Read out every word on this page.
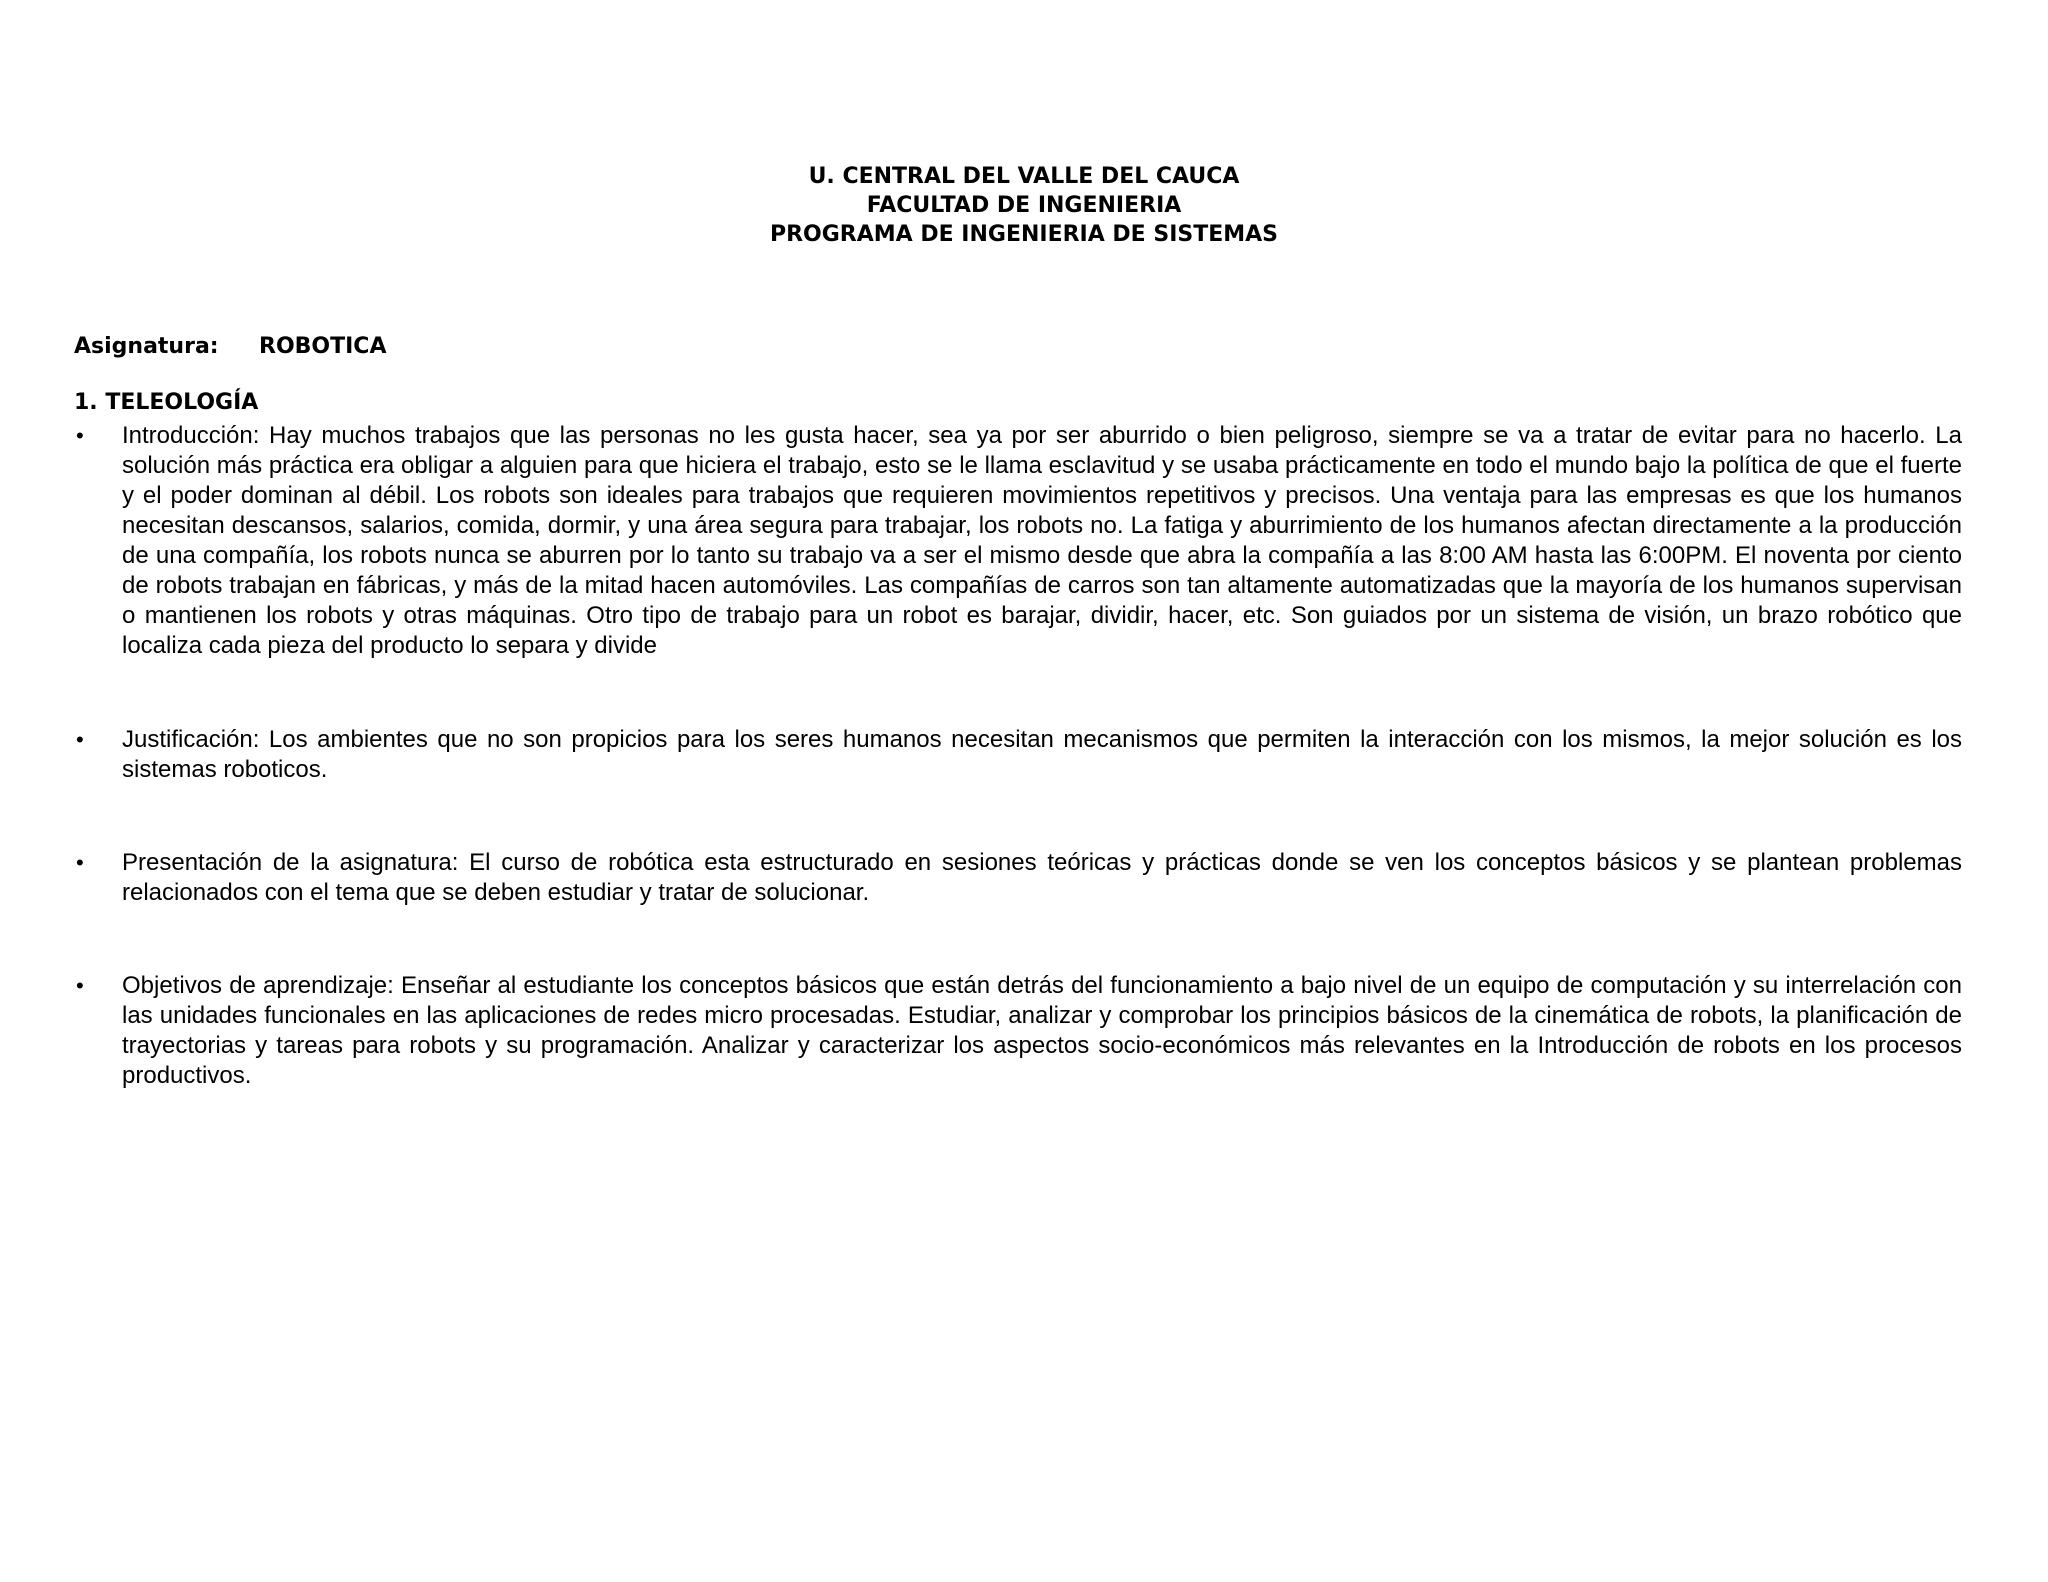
U. CENTRAL DEL VALLE DEL CAUCA
FACULTAD DE INGENIERIA
PROGRAMA DE INGENIERIA DE SISTEMAS
Asignatura: ROBOTICA
1. TELEOLOGÍA
•	Introducción: Hay muchos trabajos que las personas no les gusta hacer, sea ya por ser aburrido o bien peligroso, siempre se va a tratar de evitar para no hacerlo. La solución más práctica era obligar a alguien para que hiciera el trabajo, esto se le llama esclavitud y se usaba prácticamente en todo el mundo bajo la política de que el fuerte y el poder dominan al débil. Los robots son ideales para trabajos que requieren movimientos repetitivos y precisos. Una ventaja para las empresas es que los humanos necesitan descansos, salarios, comida, dormir, y una área segura para trabajar, los robots no. La fatiga y aburrimiento de los humanos afectan directamente a la producción de una compañía, los robots nunca se aburren por lo tanto su trabajo va a ser el mismo desde que abra la compañía a las 8:00 AM hasta las 6:00PM. El noventa por ciento de robots trabajan en fábricas, y más de la mitad hacen automóviles. Las compañías de carros son tan altamente automatizadas que la mayoría de los humanos supervisan o mantienen los robots y otras máquinas. Otro tipo de trabajo para un robot es barajar, dividir, hacer, etc. Son guiados por un sistema de visión, un brazo robótico que localiza cada pieza del producto lo separa y divide
•	Justificación: Los ambientes que no son propicios para los seres humanos necesitan mecanismos que permiten la interacción con los mismos, la mejor solución es los sistemas roboticos.
•	Presentación de la asignatura: El curso de robótica esta estructurado en sesiones teóricas y prácticas donde se ven los conceptos básicos y se plantean problemas relacionados con el tema que se deben estudiar y tratar de solucionar.
•	Objetivos de aprendizaje: Enseñar al estudiante los conceptos básicos que están detrás del funcionamiento a bajo nivel de un equipo de computación y su interrelación con las unidades funcionales en las aplicaciones de redes micro procesadas. Estudiar, analizar y comprobar los principios básicos de la cinemática de robots, la planificación de trayectorias y tareas para robots y su programación. Analizar y caracterizar los aspectos socio-económicos más relevantes en la Introducción de robots en los procesos productivos.
